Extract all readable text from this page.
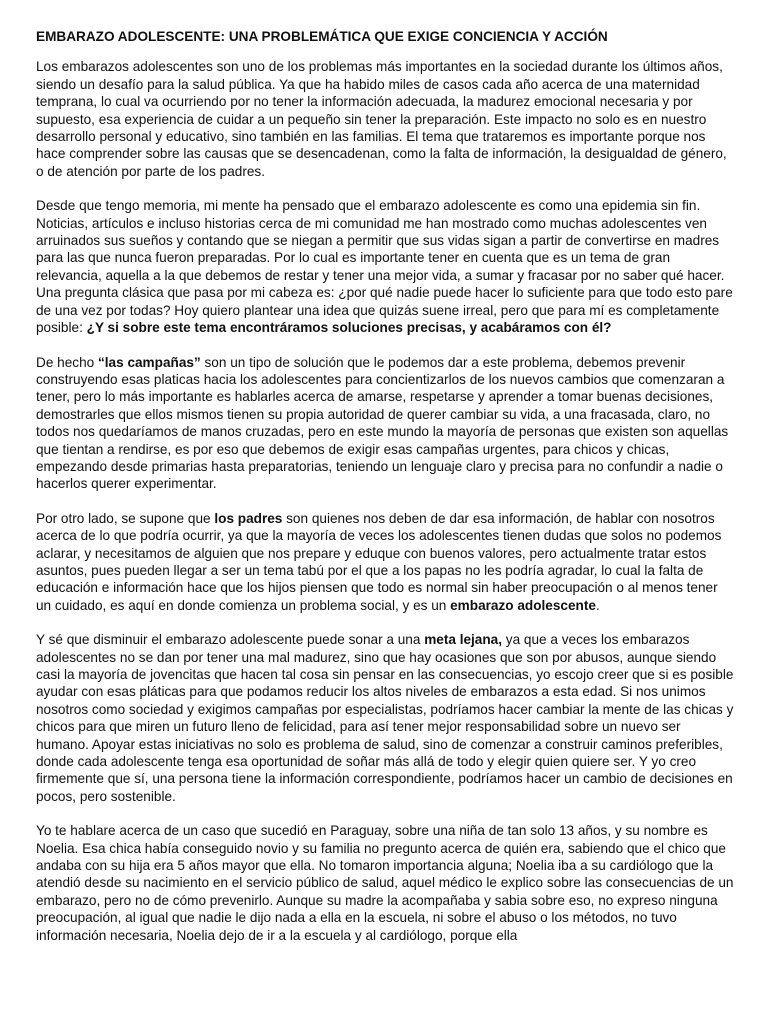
EMBARAZO ADOLESCENTE: UNA PROBLEMÁTICA QUE EXIGE CONCIENCIA Y ACCIÓN

Los embarazos adolescentes son uno de los problemas más importantes en la sociedad durante los últimos años, siendo un desafío para la salud pública. Ya que ha habido miles de casos cada año acerca de una maternidad temprana, lo cual va ocurriendo por no tener la información adecuada, la madurez emocional necesaria y por supuesto, esa experiencia de cuidar a un pequeño sin tener la preparación. Este impacto no solo es en nuestro desarrollo personal y educativo, sino también en las familias. El tema que trataremos es importante porque nos hace comprender sobre las causas que se desencadenan, como la falta de información, la desigualdad de género, o de atención por parte de los padres.

Desde que tengo memoria, mi mente ha pensado que el embarazo adolescente es como una epidemia sin fin. Noticias, artículos e incluso historias cerca de mi comunidad me han mostrado como muchas adolescentes ven arruinados sus sueños y contando que se niegan a permitir que sus vidas sigan a partir de convertirse en madres para las que nunca fueron preparadas. Por lo cual es importante tener en cuenta que es un tema de gran relevancia, aquella a la que debemos de restar y tener una mejor vida, a sumar y fracasar por no saber qué hacer. Una pregunta clásica que pasa por mi cabeza es: ¿por qué nadie puede hacer lo suficiente para que todo esto pare de una vez por todas? Hoy quiero plantear una idea que quizás suene irreal, pero que para mí es completamente posible: ¿Y si sobre este tema encontráramos soluciones precisas, y acabáramos con él?

De hecho “las campañas” son un tipo de solución que le podemos dar a este problema, debemos prevenir construyendo esas platicas hacia los adolescentes para concientizarlos de los nuevos cambios que comenzaran a tener, pero lo más importante es hablarles acerca de amarse, respetarse y aprender a tomar buenas decisiones, demostrarles que ellos mismos tienen su propia autoridad de querer cambiar su vida, a una fracasada, claro, no todos nos quedaríamos de manos cruzadas, pero en este mundo la mayoría de personas que existen son aquellas que tientan a rendirse, es por eso que debemos de exigir esas campañas urgentes, para chicos y chicas, empezando desde primarias hasta preparatorias, teniendo un lenguaje claro y precisa para no confundir a nadie o hacerlos querer experimentar.

Por otro lado, se supone que los padres son quienes nos deben de dar esa información, de hablar con nosotros acerca de lo que podría ocurrir, ya que la mayoría de veces los adolescentes tienen dudas que solos no podemos aclarar, y necesitamos de alguien que nos prepare y eduque con buenos valores, pero actualmente tratar estos asuntos, pues pueden llegar a ser un tema tabú por el que a los papas no les podría agradar, lo cual la falta de educación e información hace que los hijos piensen que todo es normal sin haber preocupación o al menos tener un cuidado, es aquí en donde comienza un problema social, y es un embarazo adolescente.

Y sé que disminuir el embarazo adolescente puede sonar a una meta lejana, ya que a veces los embarazos adolescentes no se dan por tener una mal madurez, sino que hay ocasiones que son por abusos, aunque siendo casi la mayoría de jovencitas que hacen tal cosa sin pensar en las consecuencias, yo escojo creer que si es posible ayudar con esas pláticas para que podamos reducir los altos niveles de embarazos a esta edad. Si nos unimos nosotros como sociedad y exigimos campañas por especialistas, podríamos hacer cambiar la mente de las chicas y chicos para que miren un futuro lleno de felicidad, para así tener mejor responsabilidad sobre un nuevo ser humano. Apoyar estas iniciativas no solo es problema de salud, sino de comenzar a construir caminos preferibles, donde cada adolescente tenga esa oportunidad de soñar más allá de todo y elegir quien quiere ser. Y yo creo firmemente que sí, una persona tiene la información correspondiente, podríamos hacer un cambio de decisiones en pocos, pero sostenible.

Yo te hablare acerca de un caso que sucedió en Paraguay, sobre una niña de tan solo 13 años, y su nombre es Noelia. Esa chica había conseguido novio y su familia no pregunto acerca de quién era, sabiendo que el chico que andaba con su hija era 5 años mayor que ella. No tomaron importancia alguna; Noelia iba a su cardiólogo que la atendió desde su nacimiento en el servicio público de salud, aquel médico le explico sobre las consecuencias de un embarazo, pero no de cómo prevenirlo. Aunque su madre la acompañaba y sabia sobre eso, no expreso ninguna preocupación, al igual que nadie le dijo nada a ella en la escuela, ni sobre el abuso o los métodos, no tuvo información necesaria, Noelia dejo de ir a la escuela y al cardiólogo, porque ella
